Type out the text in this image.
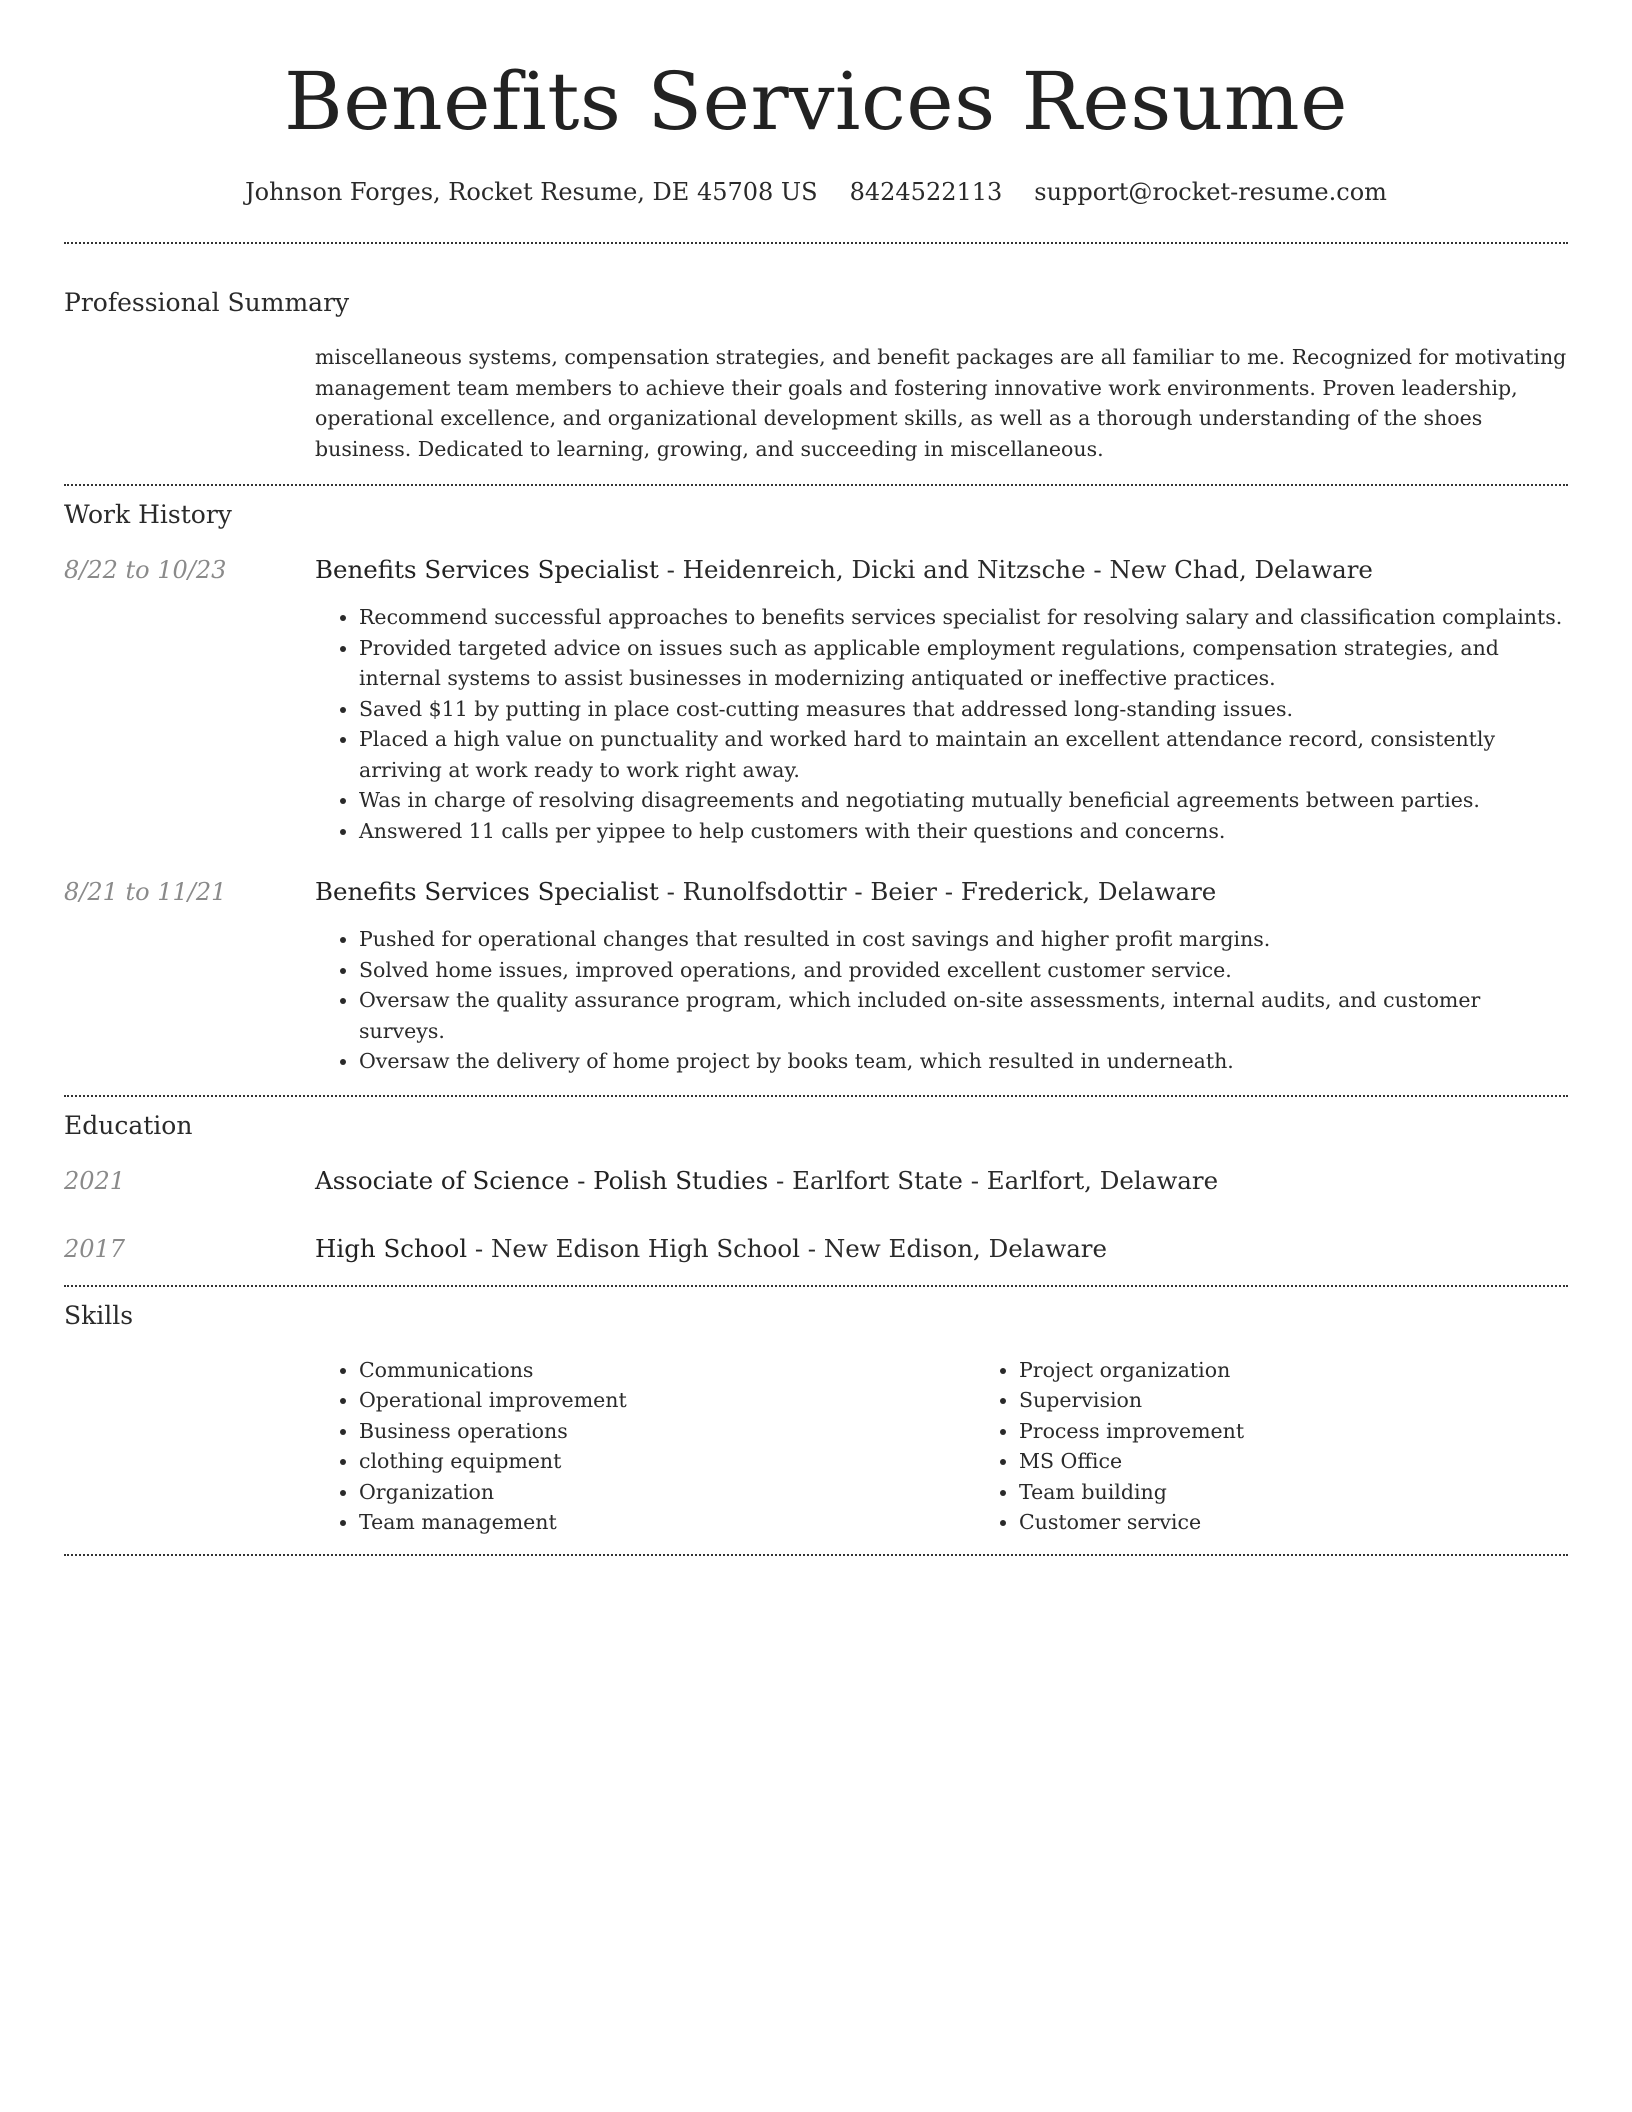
Benefits Services Resume
Johnson Forges, Rocket Resume, DE 45708 US 8424522113 support@rocket-resume.com
Professional Summary

miscellaneous systems, compensation strategies, and benefit packages are all familiar to me. Recognized for motivating management team members to achieve their goals and fostering innovative work environments. Proven leadership, operational excellence, and organizational development skills, as well as a thorough understanding of the shoes business. Dedicated to learning, growing, and succeeding in miscellaneous.

Work History
8/22 to 10/23	Benefits Services Specialist - Heidenreich, Dicki and Nitzsche - New Chad, Delaware
• Recommend successful approaches to benefits services specialist for resolving salary and classification complaints.
• Provided targeted advice on issues such as applicable employment regulations, compensation strategies, and internal systems to assist businesses in modernizing antiquated or ineffective practices.
• Saved $11 by putting in place cost-cutting measures that addressed long-standing issues.
• Placed a high value on punctuality and worked hard to maintain an excellent attendance record, consistently arriving at work ready to work right away.
• Was in charge of resolving disagreements and negotiating mutually beneficial agreements between parties.
• Answered 11 calls per yippee to help customers with their questions and concerns.
8/21 to 11/21	Benefits Services Specialist - Runolfsdottir - Beier - Frederick, Delaware
• Pushed for operational changes that resulted in cost savings and higher profit margins.
• Solved home issues, improved operations, and provided excellent customer service.
• Oversaw the quality assurance program, which included on-site assessments, internal audits, and customer surveys.
• Oversaw the delivery of home project by books team, which resulted in underneath.
Education
2021	Associate of Science - Polish Studies - Earlfort State - Earlfort, Delaware
2017	High School - New Edison High School - New Edison, Delaware
Skills
• Communications
• Operational improvement
• Business operations
• clothing equipment
• Organization
• Team management
• Project organization
• Supervision
• Process improvement
• MS Office
• Team building
• Customer service
